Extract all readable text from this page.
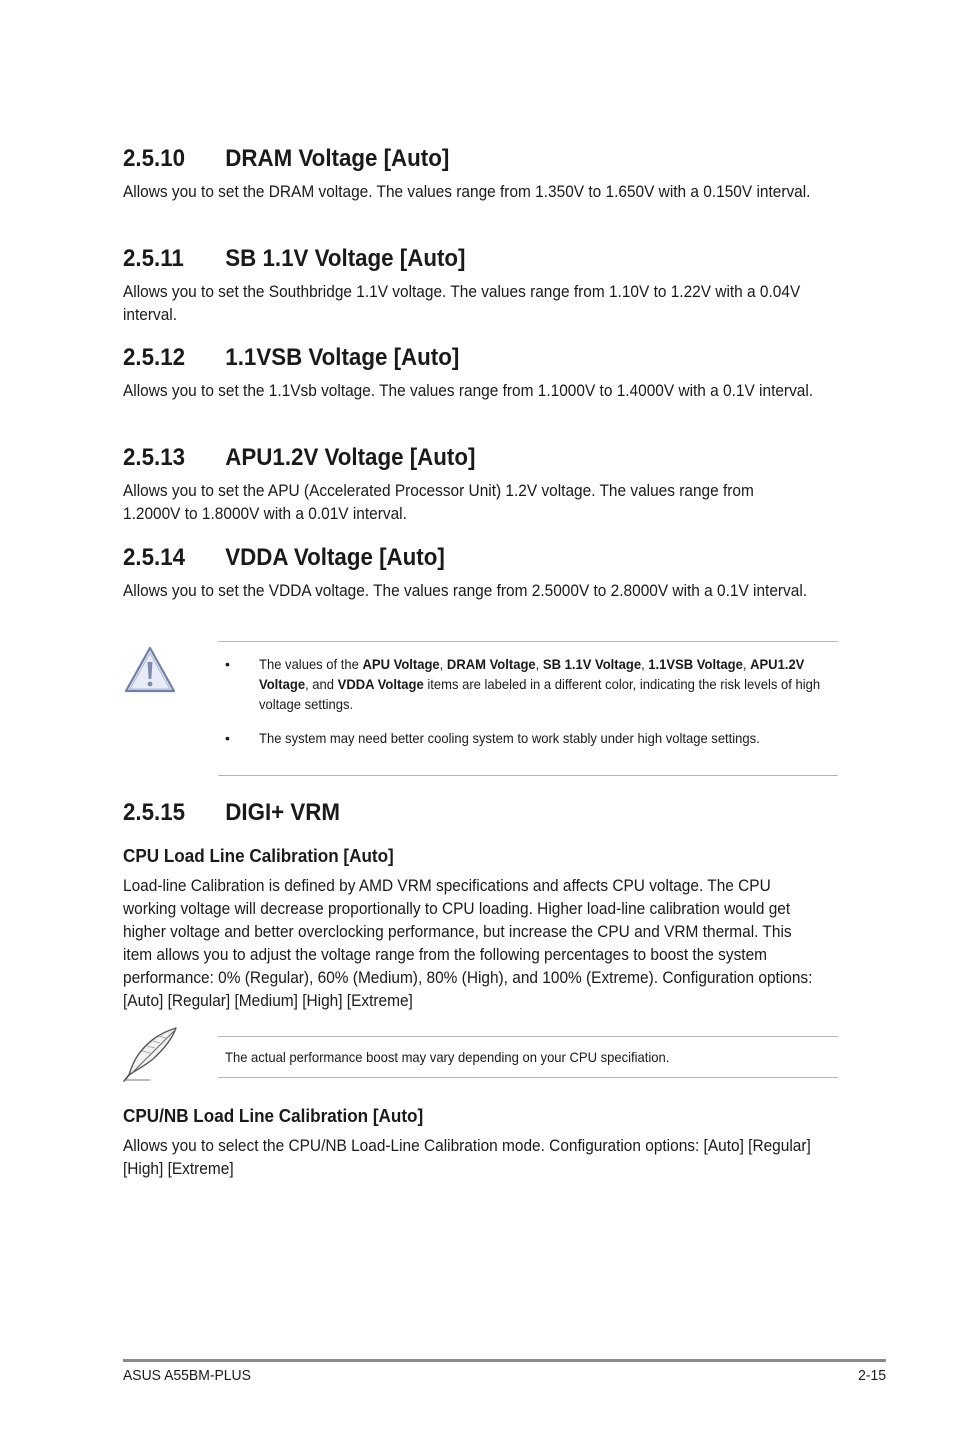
2.5.10 DRAM Voltage [Auto]

Allows you to set the DRAM voltage. The values range from 1.350V to 1.650V with a 0.150V interval.

2.5.11 SB 1.1V Voltage [Auto]

Allows you to set the Southbridge 1.1V voltage. The values range from 1.10V to 1.22V with a 0.04V interval.

2.5.12 1.1VSB Voltage [Auto]

Allows you to set the 1.1Vsb voltage. The values range from 1.1000V to 1.4000V with a 0.1V interval.

2.5.13 APU1.2V Voltage [Auto]

Allows you to set the APU (Accelerated Processor Unit) 1.2V voltage. The values range from 1.2000V to 1.8000V with a 0.01V interval.

2.5.14 VDDA Voltage [Auto]

Allows you to set the VDDA voltage. The values range from 2.5000V to 2.8000V with a 0.1V interval.

• The values of the APU Voltage, DRAM Voltage, SB 1.1V Voltage, 1.1VSB Voltage, APU1.2V Voltage, and VDDA Voltage items are labeled in a different color, indicating the risk levels of high voltage settings.
• The system may need better cooling system to work stably under high voltage settings.
2.5.15 DIGI+ VRM
CPU Load Line Calibration [Auto]

Load-line Calibration is defined by AMD VRM specifications and affects CPU voltage. The CPU working voltage will decrease proportionally to CPU loading. Higher load-line calibration would get higher voltage and better overclocking performance, but increase the CPU and VRM thermal. This item allows you to adjust the voltage range from the following percentages to boost the system performance: 0% (Regular), 60% (Medium), 80% (High), and 100% (Extreme). Configuration options: [Auto] [Regular] [Medium] [High] [Extreme]

The actual performance boost may vary depending on your CPU specifiation.
CPU/NB Load Line Calibration [Auto]

Allows you to select the CPU/NB Load-Line Calibration mode. Configuration options: [Auto] [Regular] [High] [Extreme]

ASUS A55BM-PLUS	2-15
